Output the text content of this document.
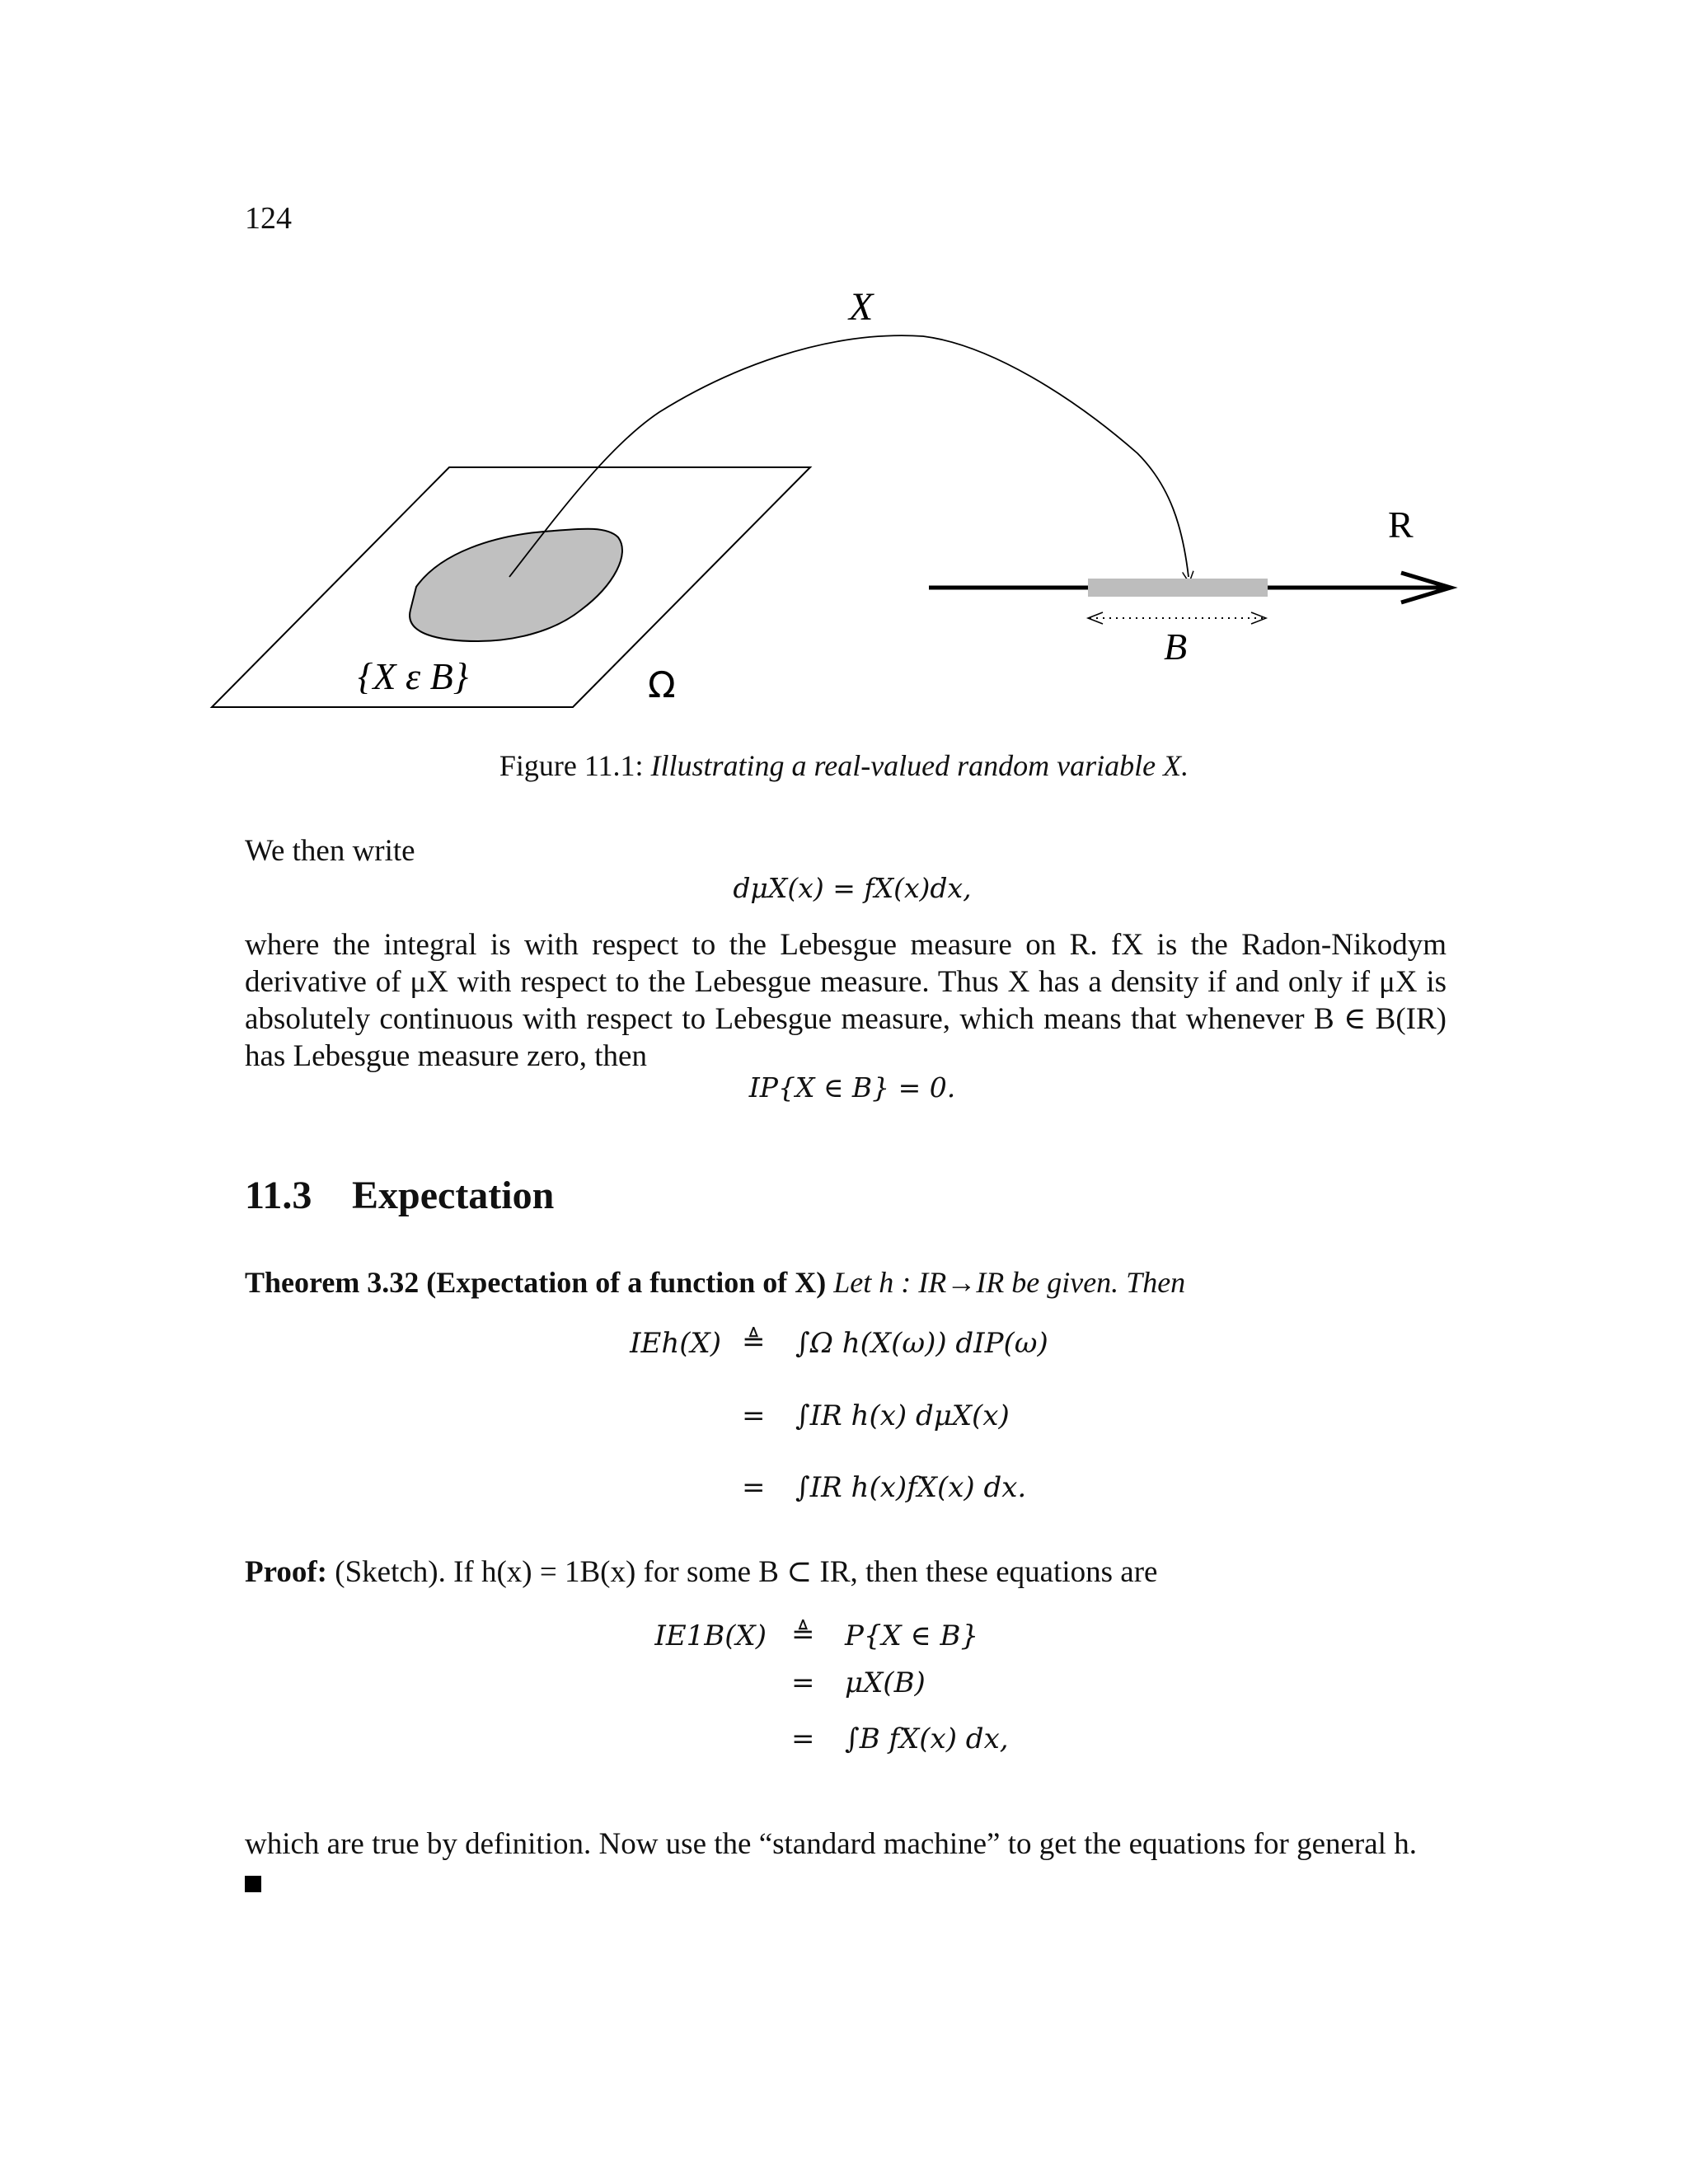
124
X
R
B
{X ε B}	Ω
Figure 11.1: Illustrating a real-valued random variable X.
We then write
dμX(x) = fX(x)dx,
where the integral is with respect to the Lebesgue measure on R. fX is the Radon-Nikodym derivative of μX with respect to the Lebesgue measure. Thus X has a density if and only if μX is absolutely continuous with respect to Lebesgue measure, which means that whenever B ∈ B(IR) has Lebesgue measure zero, then
IP{X ∈ B} = 0.
11.3 Expectation
Theorem 3.32 (Expectation of a function of X) Let h : IR→IR be given. Then
IEh(X) ≜ ∫Ω h(X(ω)) dIP(ω)
= ∫IR h(x) dμX(x)
= ∫IR h(x)fX(x) dx.
Proof: (Sketch). If h(x) = 1B(x) for some B ⊂ IR, then these equations are
IE1B(X) ≜ P{X ∈ B}
= μX(B)
= ∫B fX(x) dx,
which are true by definition. Now use the “standard machine” to get the equations for general h.
